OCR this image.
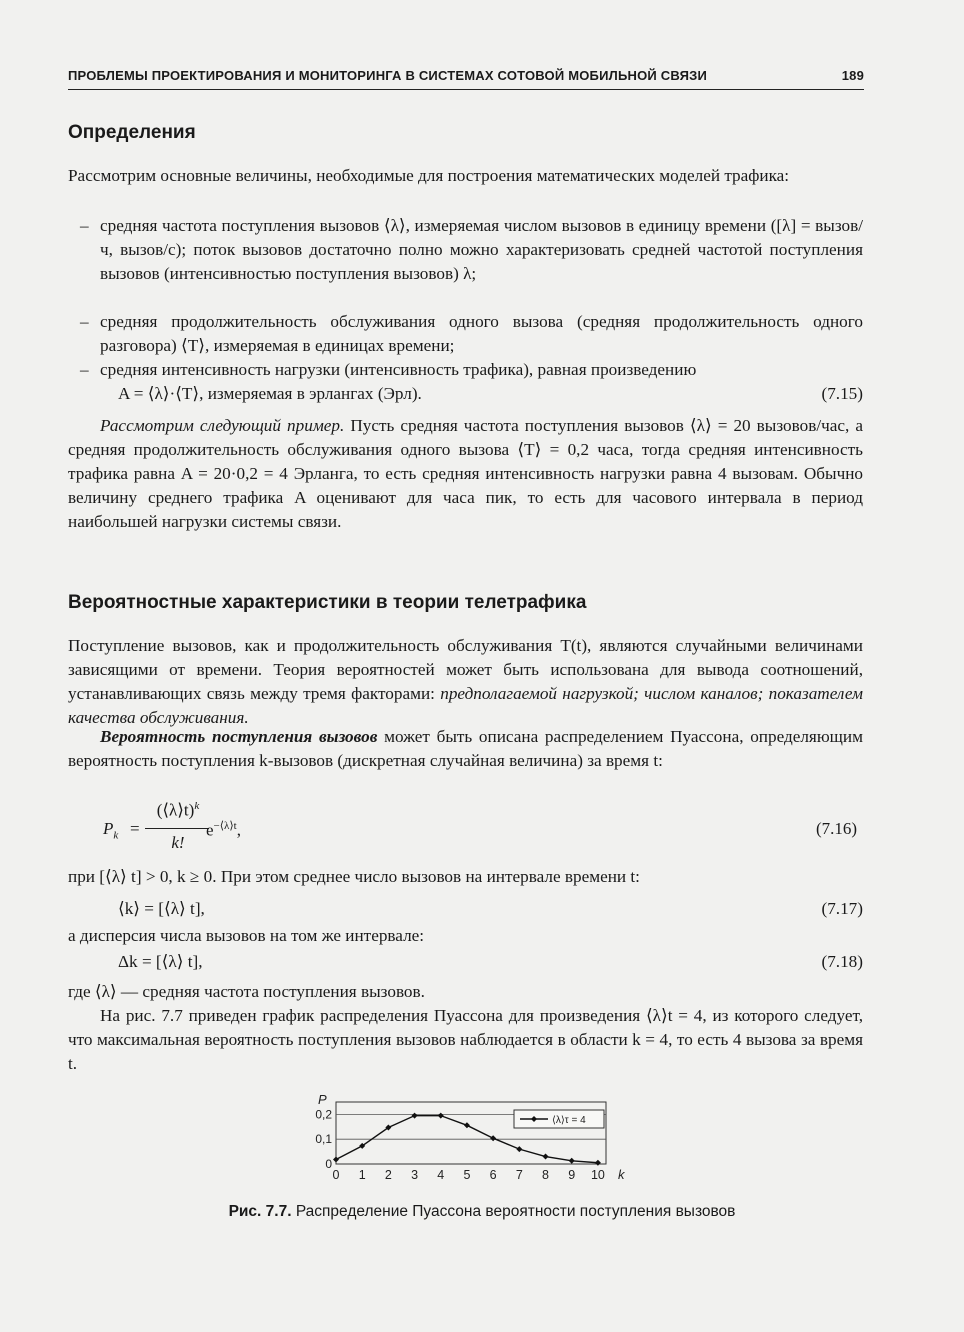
ПРОБЛЕМЫ ПРОЕКТИРОВАНИЯ И МОНИТОРИНГА В СИСТЕМАХ СОТОВОЙ МОБИЛЬНОЙ СВЯЗИ	189
Определения
Рассмотрим основные величины, необходимые для построения математических моделей трафика:
– средняя частота поступления вызовов ⟨λ⟩, измеряемая числом вызовов в единицу времени ([λ] = вызов/ч, вызов/с); поток вызовов достаточно полно можно характеризовать средней частотой поступления вызовов (интенсивностью поступления вызовов) λ;
– средняя продолжительность обслуживания одного вызова (средняя продолжительность одного разговора) ⟨T⟩, измеряемая в единицах времени;
– средняя интенсивность нагрузки (интенсивность трафика), равная произведению
A = ⟨λ⟩·⟨T⟩, измеряемая в эрлангах (Эрл).	(7.15)
Рассмотрим следующий пример. Пусть средняя частота поступления вызовов ⟨λ⟩ = 20 вызовов/час, а средняя продолжительность обслуживания одного вызова ⟨T⟩ = 0,2 часа, тогда средняя интенсивность трафика равна A = 20·0,2 = 4 Эрланга, то есть средняя интенсивность нагрузки равна 4 вызовам. Обычно величину среднего трафика A оценивают для часа пик, то есть для часового интервала в период наибольшей нагрузки системы связи.
Вероятностные характеристики в теории телетрафика
Поступление вызовов, как и продолжительность обслуживания T(t), являются случайными величинами зависящими от времени. Теория вероятностей может быть использована для вывода соотношений, устанавливающих связь между тремя факторами: предполагаемой нагрузкой; числом каналов; показателем качества обслуживания.
Вероятность поступления вызовов может быть описана распределением Пуассона, определяющим вероятность поступления k-вызовов (дискретная случайная величина) за время t:
$P_k$ =
(⟨λ⟩t)$^k$
k!
$e^{-⟨\lambda⟩t}$,	(7.16)
при [⟨λ⟩ t] > 0, k ≥ 0. При этом среднее число вызовов на интервале времени t:
⟨k⟩ = [⟨λ⟩ t],	(7.17)
а дисперсия числа вызовов на том же интервале:
Δk = [⟨λ⟩ t],	(7.18)
где ⟨λ⟩ — средняя частота поступления вызовов.
На рис. 7.7 приведен график распределения Пуассона для произведения ⟨λ⟩t = 4, из которого следует, что максимальная вероятность поступления вызовов наблюдается в области k = 4, то есть 4 вызова за время t.
0
0,1
0,2
P
0 1 2 3 4 5 6 7 8 9 10 k
⟨λ⟩τ = 4
Рис. 7.7. Распределение Пуассона вероятности поступления вызовов
